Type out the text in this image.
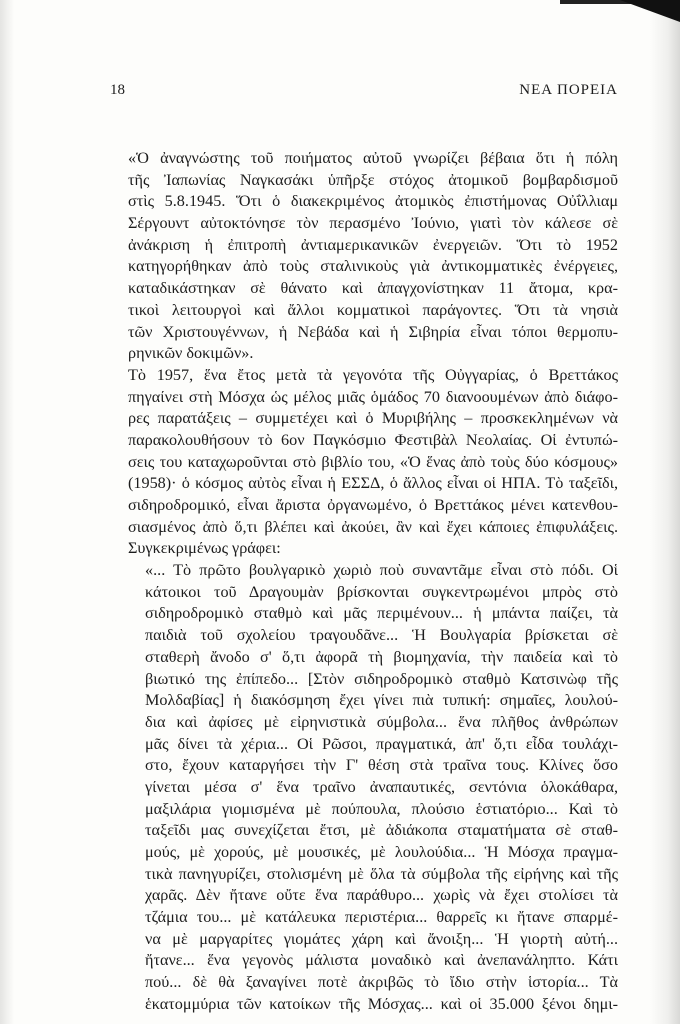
18	ΝΕΑ ΠΟΡΕΙΑ
«Ὁ ἀναγνώστης τοῦ ποιήματος αὐτοῦ γνωρίζει βέβαια ὅτι ἡ πόλη
τῆς Ἰαπωνίας Ναγκασάκι ὑπῆρξε στόχος ἀτομικοῦ βομβαρδισμοῦ
στὶς 5.8.1945. Ὅτι ὁ διακεκριμένος ἀτομικὸς ἐπιστήμονας Οὐΐλλιαμ
Σέργουντ αὐτοκτόνησε τὸν περασμένο Ἰούνιο, γιατὶ τὸν κάλεσε σὲ
ἀνάκριση ἡ ἐπιτροπὴ ἀντιαμερικανικῶν ἐνεργειῶν. Ὅτι τὸ 1952
κατηγορήθηκαν ἀπὸ τοὺς σταλινικοὺς γιὰ ἀντικομματικὲς ἐνέργειες,
καταδικάστηκαν σὲ θάνατο καὶ ἀπαγχονίστηκαν 11 ἄτομα, κρα-
τικοὶ λειτουργοὶ καὶ ἄλλοι κομματικοὶ παράγοντες. Ὅτι τὰ νησιὰ
τῶν Χριστουγέννων, ἡ Νεβάδα καὶ ἡ Σιβηρία εἶναι τόποι θερμοπυ-
ρηνικῶν δοκιμῶν».
Τὸ 1957, ἕνα ἔτος μετὰ τὰ γεγονότα τῆς Οὐγγαρίας, ὁ Βρεττάκος
πηγαίνει στὴ Μόσχα ὡς μέλος μιᾶς ὁμάδος 70 διανοουμένων ἀπὸ διάφο-
ρες παρατάξεις – συμμετέχει καὶ ὁ Μυριβήλης – προσκεκλημένων νὰ
παρακολουθήσουν τὸ 6ον Παγκόσμιο Φεστιβὰλ Νεολαίας. Οἱ ἐντυπώ-
σεις του καταχωροῦνται στὸ βιβλίο του, «Ὁ ἕνας ἀπὸ τοὺς δύο κόσμους»
(1958)· ὁ κόσμος αὐτὸς εἶναι ἡ ΕΣΣΔ, ὁ ἄλλος εἶναι οἱ ΗΠΑ. Τὸ ταξεῖδι,
σιδηροδρομικό, εἶναι ἄριστα ὀργανωμένο, ὁ Βρεττάκος μένει κατενθου-
σιασμένος ἀπὸ ὅ,τι βλέπει καὶ ἀκούει, ἂν καὶ ἔχει κάποιες ἐπιφυλάξεις.
Συγκεκριμένως γράφει:
«... Τὸ πρῶτο βουλγαρικὸ χωριὸ ποὺ συναντᾶμε εἶναι στὸ πόδι. Οἱ
κάτοικοι τοῦ Δραγουμὰν βρίσκονται συγκεντρωμένοι μπρὸς στὸ
σιδηροδρομικὸ σταθμὸ καὶ μᾶς περιμένουν... ἡ μπάντα παίζει, τὰ
παιδιὰ τοῦ σχολείου τραγουδᾶνε... Ἡ Βουλγαρία βρίσκεται σὲ
σταθερὴ ἄνοδο σ' ὅ,τι ἀφορᾶ τὴ βιομηχανία, τὴν παιδεία καὶ τὸ
βιωτικό της ἐπίπεδο... [Στὸν σιδηροδρομικὸ σταθμὸ Κατσινὼφ τῆς
Μολδαβίας] ἡ διακόσμηση ἔχει γίνει πιὰ τυπική: σημαῖες, λουλού-
δια καὶ ἀφίσες μὲ εἰρηνιστικὰ σύμβολα... ἕνα πλῆθος ἀνθρώπων
μᾶς δίνει τὰ χέρια... Οἱ Ρῶσοι, πραγματικά, ἀπ' ὅ,τι εἶδα τουλάχι-
στο, ἔχουν καταργήσει τὴν Γ' θέση στὰ τραῖνα τους. Κλίνες ὅσο
γίνεται μέσα σ' ἕνα τραῖνο ἀναπαυτικές, σεντόνια ὁλοκάθαρα,
μαξιλάρια γιομισμένα μὲ πούπουλα, πλούσιο ἑστιατόριο... Καὶ τὸ
ταξεῖδι μας συνεχίζεται ἔτσι, μὲ ἀδιάκοπα σταματήματα σὲ σταθ-
μούς, μὲ χορούς, μὲ μουσικές, μὲ λουλούδια... Ἡ Μόσχα πραγμα-
τικὰ πανηγυρίζει, στολισμένη μὲ ὅλα τὰ σύμβολα τῆς εἰρήνης καὶ τῆς
χαρᾶς. Δὲν ἤτανε οὔτε ἕνα παράθυρο... χωρὶς νὰ ἔχει στολίσει τὰ
τζάμια του... μὲ κατάλευκα περιστέρια... θαρρεῖς κι ἤτανε σπαρμέ-
να μὲ μαργαρίτες γιομάτες χάρη καὶ ἄνοιξη... Ἡ γιορτὴ αὐτή...
ἤτανε... ἕνα γεγονὸς μάλιστα μοναδικὸ καὶ ἀνεπανάληπτο. Κάτι
πού... δὲ θὰ ξαναγίνει ποτὲ ἀκριβῶς τὸ ἴδιο στὴν ἱστορία... Τὰ
ἑκατομμύρια τῶν κατοίκων τῆς Μόσχας... καὶ οἱ 35.000 ξένοι δημι-
